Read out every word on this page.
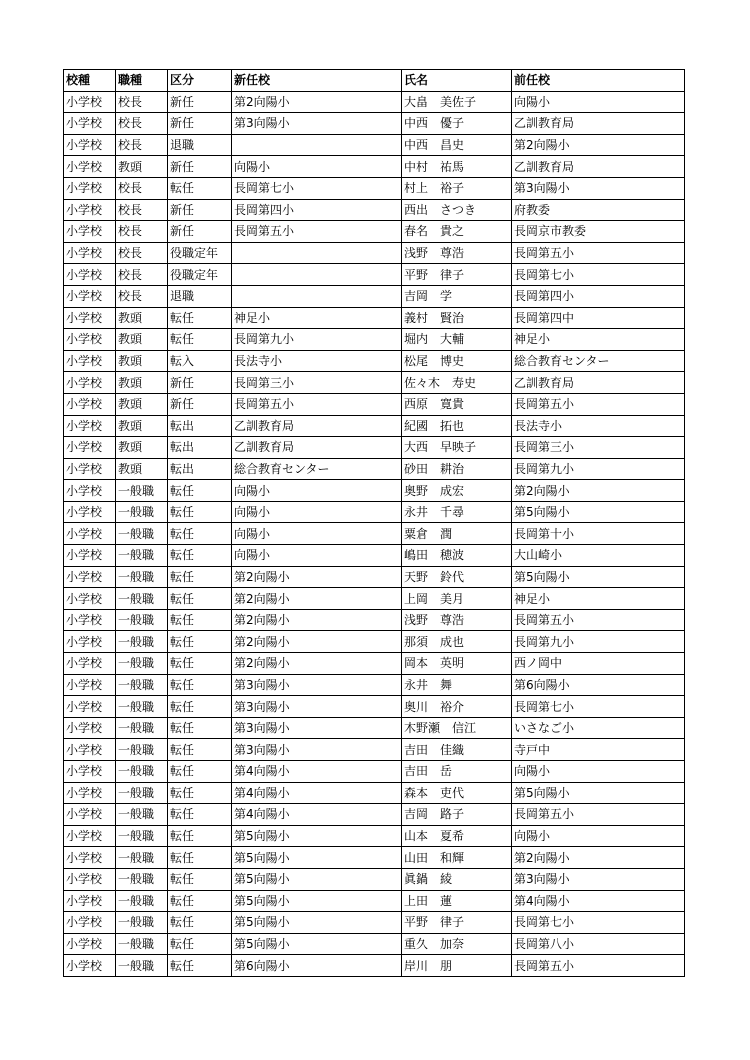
校種	職種	区分	新任校	氏名	前任校
小学校	校長	新任	第2向陽小	大畠　美佐子	向陽小
小学校	校長	新任	第3向陽小	中西　優子	乙訓教育局
小学校	校長	退職		中西　昌史	第2向陽小
小学校	教頭	新任	向陽小	中村　祐馬	乙訓教育局
小学校	校長	転任	長岡第七小	村上　裕子	第3向陽小
小学校	校長	新任	長岡第四小	西出　さつき	府教委
小学校	校長	新任	長岡第五小	春名　貴之	長岡京市教委
小学校	校長	役職定年		浅野　尊浩	長岡第五小
小学校	校長	役職定年		平野　律子	長岡第七小
小学校	校長	退職		吉岡　学	長岡第四小
小学校	教頭	転任	神足小	義村　賢治	長岡第四中
小学校	教頭	転任	長岡第九小	堀内　大輔	神足小
小学校	教頭	転入	長法寺小	松尾　博史	総合教育センター
小学校	教頭	新任	長岡第三小	佐々木　寿史	乙訓教育局
小学校	教頭	新任	長岡第五小	西原　寛貴	長岡第五小
小学校	教頭	転出	乙訓教育局	紀國　拓也	長法寺小
小学校	教頭	転出	乙訓教育局	大西　早映子	長岡第三小
小学校	教頭	転出	総合教育センター	砂田　耕治	長岡第九小
小学校	一般職	転任	向陽小	奥野　成宏	第2向陽小
小学校	一般職	転任	向陽小	永井　千尋	第5向陽小
小学校	一般職	転任	向陽小	粟倉　潤	長岡第十小
小学校	一般職	転任	向陽小	嶋田　穂波	大山崎小
小学校	一般職	転任	第2向陽小	天野　鈴代	第5向陽小
小学校	一般職	転任	第2向陽小	上岡　美月	神足小
小学校	一般職	転任	第2向陽小	浅野　尊浩	長岡第五小
小学校	一般職	転任	第2向陽小	那須　成也	長岡第九小
小学校	一般職	転任	第2向陽小	岡本　英明	西ノ岡中
小学校	一般職	転任	第3向陽小	永井　舞	第6向陽小
小学校	一般職	転任	第3向陽小	奥川　裕介	長岡第七小
小学校	一般職	転任	第3向陽小	木野瀬　信江	いさなご小
小学校	一般職	転任	第3向陽小	吉田　佳織	寺戸中
小学校	一般職	転任	第4向陽小	吉田　岳	向陽小
小学校	一般職	転任	第4向陽小	森本　吏代	第5向陽小
小学校	一般職	転任	第4向陽小	吉岡　路子	長岡第五小
小学校	一般職	転任	第5向陽小	山本　夏希	向陽小
小学校	一般職	転任	第5向陽小	山田　和輝	第2向陽小
小学校	一般職	転任	第5向陽小	眞鍋　綾	第3向陽小
小学校	一般職	転任	第5向陽小	上田　蓮	第4向陽小
小学校	一般職	転任	第5向陽小	平野　律子	長岡第七小
小学校	一般職	転任	第5向陽小	重久　加奈	長岡第八小
小学校	一般職	転任	第6向陽小	岸川　朋	長岡第五小
